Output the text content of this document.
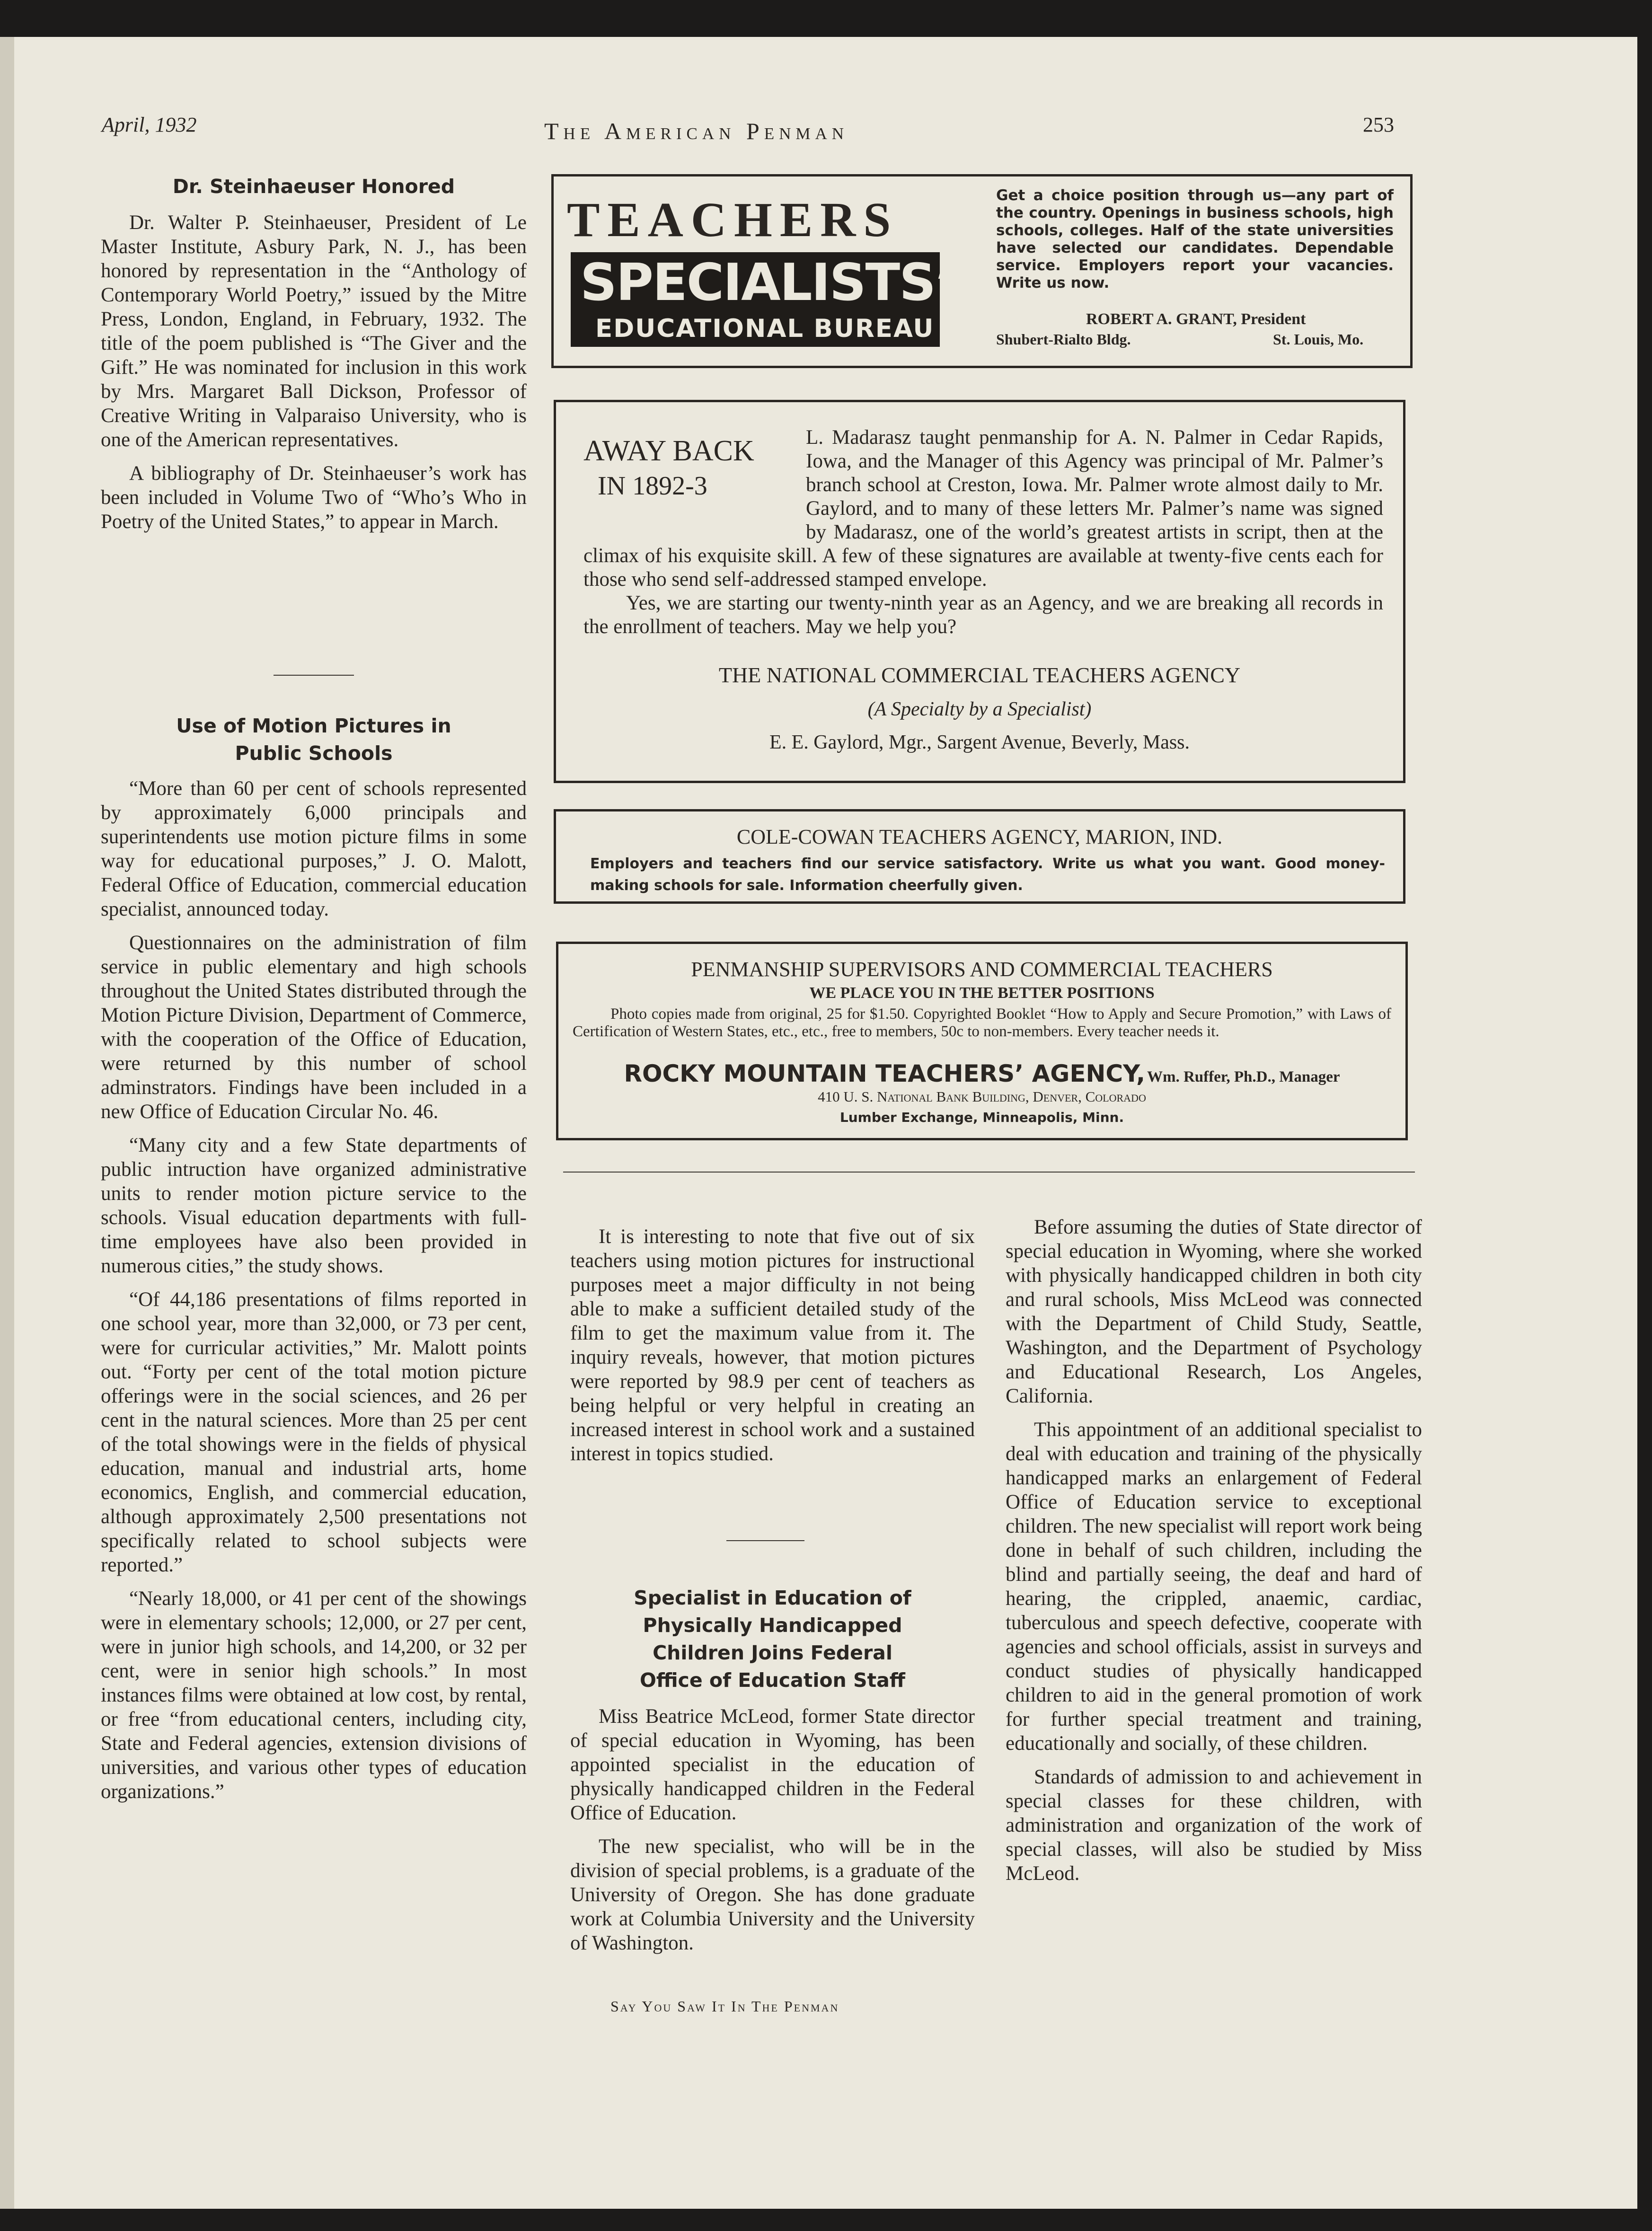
April, 1932	The American Penman	253
Dr. Steinhaeuser Honored

Dr. Walter P. Steinhaeuser, President of Le Master Institute, Asbury Park, N. J., has been honored by representation in the “Anthology of Contemporary World Poetry,” issued by the Mitre Press, London, England, in February, 1932. The title of the poem published is “The Giver and the Gift.” He was nominated for inclusion in this work by Mrs. Margaret Ball Dickson, Professor of Creative Writing in Valparaiso University, who is one of the American representatives.

A bibliography of Dr. Steinhaeuser’s work has been included in Volume Two of “Who’s Who in Poetry of the United States,” to appear in March.

Use of Motion Pictures in
Public Schools

“More than 60 per cent of schools represented by approximately 6,000 principals and superintendents use motion picture films in some way for educational purposes,” J. O. Malott, Federal Office of Education, commercial education specialist, announced today.

Questionnaires on the administration of film service in public elementary and high schools throughout the United States distributed through the Motion Picture Division, Department of Commerce, with the cooperation of the Office of Education, were returned by this number of school adminstrators. Findings have been included in a new Office of Education Circular No. 46.

“Many city and a few State departments of public intruction have organized administrative units to render motion picture service to the schools. Visual education departments with full-time employees have also been provided in numerous cities,” the study shows.

“Of 44,186 presentations of films reported in one school year, more than 32,000, or 73 per cent, were for curricular activities,” Mr. Malott points out. “Forty per cent of the total motion picture offerings were in the social sciences, and 26 per cent in the natural sciences. More than 25 per cent of the total showings were in the fields of physical education, manual and industrial arts, home economics, English, and commercial education, although approximately 2,500 presentations not specifically related to school subjects were reported.”

“Nearly 18,000, or 41 per cent of the showings were in elementary schools; 12,000, or 27 per cent, were in junior high schools, and 14,200, or 32 per cent, were in senior high schools.” In most instances films were obtained at low cost, by rental, or free “from educational centers, including city, State and Federal agencies, extension divisions of universities, and various other types of education organizations.”

TEACHERS
SPECIALISTS’
EDUCATIONAL BUREAU
Get a choice position through us—any part of the country. Openings in business schools, high schools, colleges. Half of the state universities have selected our candidates. Dependable service. Employers report your vacancies. Write us now.
ROBERT A. GRANT, President
Shubert-Rialto Bldg.	St. Louis, Mo.
AWAY BACK
IN 1892-3
L. Madarasz taught penmanship for A. N. Palmer in Cedar Rapids, Iowa, and the Manager of this Agency was principal of Mr. Palmer’s branch school at Creston, Iowa. Mr. Palmer wrote almost daily to Mr. Gaylord, and to many of these letters Mr. Palmer’s name was signed by Madarasz, one of the world’s greatest artists in script, then at the climax of his exquisite skill. A few of these signatures are available at twenty-five cents each for those who send self-addressed stamped envelope.
Yes, we are starting our twenty-ninth year as an Agency, and we are breaking all records in the enrollment of teachers. May we help you?
THE NATIONAL COMMERCIAL TEACHERS AGENCY
(A Specialty by a Specialist)
E. E. Gaylord, Mgr., Sargent Avenue, Beverly, Mass.
COLE-COWAN TEACHERS AGENCY, MARION, IND.
Employers and teachers find our service satisfactory. Write us what you want. Good money-making schools for sale. Information cheerfully given.
PENMANSHIP SUPERVISORS AND COMMERCIAL TEACHERS
WE PLACE YOU IN THE BETTER POSITIONS
Photo copies made from original, 25 for $1.50. Copyrighted Booklet “How to Apply and Secure Promotion,” with Laws of Certification of Western States, etc., etc., free to members, 50c to non-members. Every teacher needs it.
ROCKY MOUNTAIN TEACHERS’ AGENCY, Wm. Ruffer, Ph.D., Manager
410 U. S. National Bank Building, Denver, Colorado
Lumber Exchange, Minneapolis, Minn.

It is interesting to note that five out of six teachers using motion pictures for instructional purposes meet a major difficulty in not being able to make a sufficient detailed study of the film to get the maximum value from it. The inquiry reveals, however, that motion pictures were reported by 98.9 per cent of teachers as being helpful or very helpful in creating an increased interest in school work and a sustained interest in topics studied.

Specialist in Education of
Physically Handicapped
Children Joins Federal
Office of Education Staff

Miss Beatrice McLeod, former State director of special education in Wyoming, has been appointed specialist in the education of physically handicapped children in the Federal Office of Education.

The new specialist, who will be in the division of special problems, is a graduate of the University of Oregon. She has done graduate work at Columbia University and the University of Washington.

Before assuming the duties of State director of special education in Wyoming, where she worked with physically handicapped children in both city and rural schools, Miss McLeod was connected with the Department of Child Study, Seattle, Washington, and the Department of Psychology and Educational Research, Los Angeles, California.

This appointment of an additional specialist to deal with education and training of the physically handicapped marks an enlargement of Federal Office of Education service to exceptional children. The new specialist will report work being done in behalf of such children, including the blind and partially seeing, the deaf and hard of hearing, the crippled, anaemic, cardiac, tuberculous and speech defective, cooperate with agencies and school officials, assist in surveys and conduct studies of physically handicapped children to aid in the general promotion of work for further special treatment and training, educationally and socially, of these children.

Standards of admission to and achievement in special classes for these children, with administration and organization of the work of special classes, will also be studied by Miss McLeod.

Say You Saw It In The Penman
